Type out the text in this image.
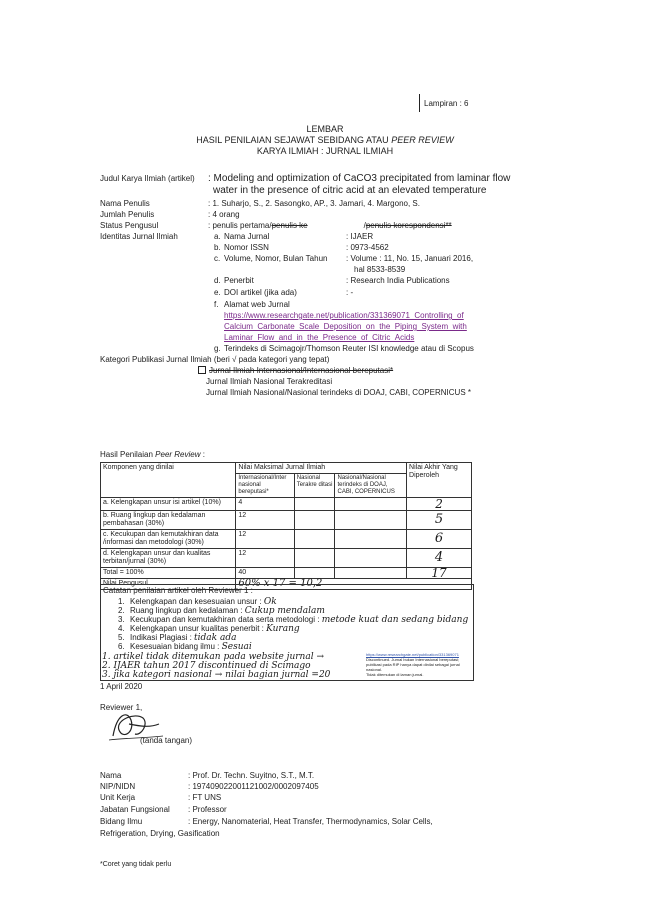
Lampiran : 6
LEMBAR
HASIL PENILAIAN SEJAWAT SEBIDANG ATAU PEER REVIEW
KARYA ILMIAH : JURNAL ILMIAH
Judul Karya Ilmiah (artikel) : Modeling and optimization of CaCO3 precipitated from laminar flow
water in the presence of citric acid at an elevated temperature
Nama Penulis	: 1. Suharjo, S., 2. Sasongko, AP., 3. Jamari, 4. Margono, S.
Jumlah Penulis	: 4 orang
Status Pengusul	: penulis pertama/penulis ke	/penulis korespondensi**
Identitas Jurnal Ilmiah	a. Nama Jurnal	: IJAER
b. Nomor ISSN	: 0973-4562
c. Volume, Nomor, Bulan Tahun : Volume : 11, No. 15, Januari 2016,
hal 8533-8539
d. Penerbit	: Research India Publications
e. DOI artikel (jika ada)	: -
f. Alamat web Jurnal
https://www.researchgate.net/publication/331369071_Controlling_of
Calcium_Carbonate_Scale_Deposition_on_the_Piping_System_with
Laminar_Flow_and_in_the_Presence_of_Citric_Acids
g. Terindeks di Scimagojr/Thomson Reuter ISI knowledge atau di Scopus
Kategori Publikasi Jurnal Ilmiah (beri √ pada kategori yang tepat)
Jurnal Ilmiah Internasional/Internasional bereputasi*
Jurnal Ilmiah Nasional Terakreditasi
Jurnal Ilmiah Nasional/Nasional terindeks di DOAJ, CABI, COPERNICUS *
Hasil Penilaian Peer Review :
Komponen yang dinilai	Nilai Maksimal Jurnal Ilmiah			Nilai Akhir Yang Diperoleh
	Internasional/Inter nasional bereputasi*	Nasional Terakre ditasi	Nasional/Nasional terindeks di DOAJ, CABI, COPERNICUS	
a. Kelengkapan unsur isi artikel (10%)	4			2
b. Ruang lingkup dan kedalaman pembahasan (30%)	12			5
c. Kecukupan dan kemutakhiran data /informasi dan metodologi (30%)	12			6
d. Kelengkapan unsur dan kualitas terbitan/jurnal (30%)	12			4
Total = 100%	40			17
Nilai Pengusul	60% x 17 = 10,2			
Catatan penilaian artikel oleh Reviewer 1 :
1. Kelengkapan dan kesesuaian unsur : Ok
2. Ruang lingkup dan kedalaman : Cukup mendalam
3. Kecukupan dan kemutakhiran data serta metodologi : metode kuat dan sedang bidang
4. Kelengkapan unsur kualitas penerbit : Kurang
5. Indikasi Plagiasi : tidak ada
6. Kesesuaian bidang ilmu : Sesuai
1. artikel tidak ditemukan pada website jurnal →
2. IJAER tahun 2017 discontinued di Scimago
3. jika kategori nasional → nilai bagian jurnal =20
https://www.researchgate.net/publication/331369071
Discontinued. Jurnal bukan Internasional bereputasi; publikasi pada RIP hanya dapat dinilai sebagai jurnal nasional.
Tidak ditemukan di laman jurnal.
1 April 2020
Reviewer 1,
(tanda tangan)
Nama	: Prof. Dr. Techn. Suyitno, S.T., M.T.
NIP/NIDN	: 197409022001121002/0002097405
Unit Kerja	: FT UNS
Jabatan Fungsional : Professor
Bidang Ilmu	: Energy, Nanomaterial, Heat Transfer, Thermodynamics, Solar Cells,
Refrigeration, Drying, Gasification
*Coret yang tidak perlu
